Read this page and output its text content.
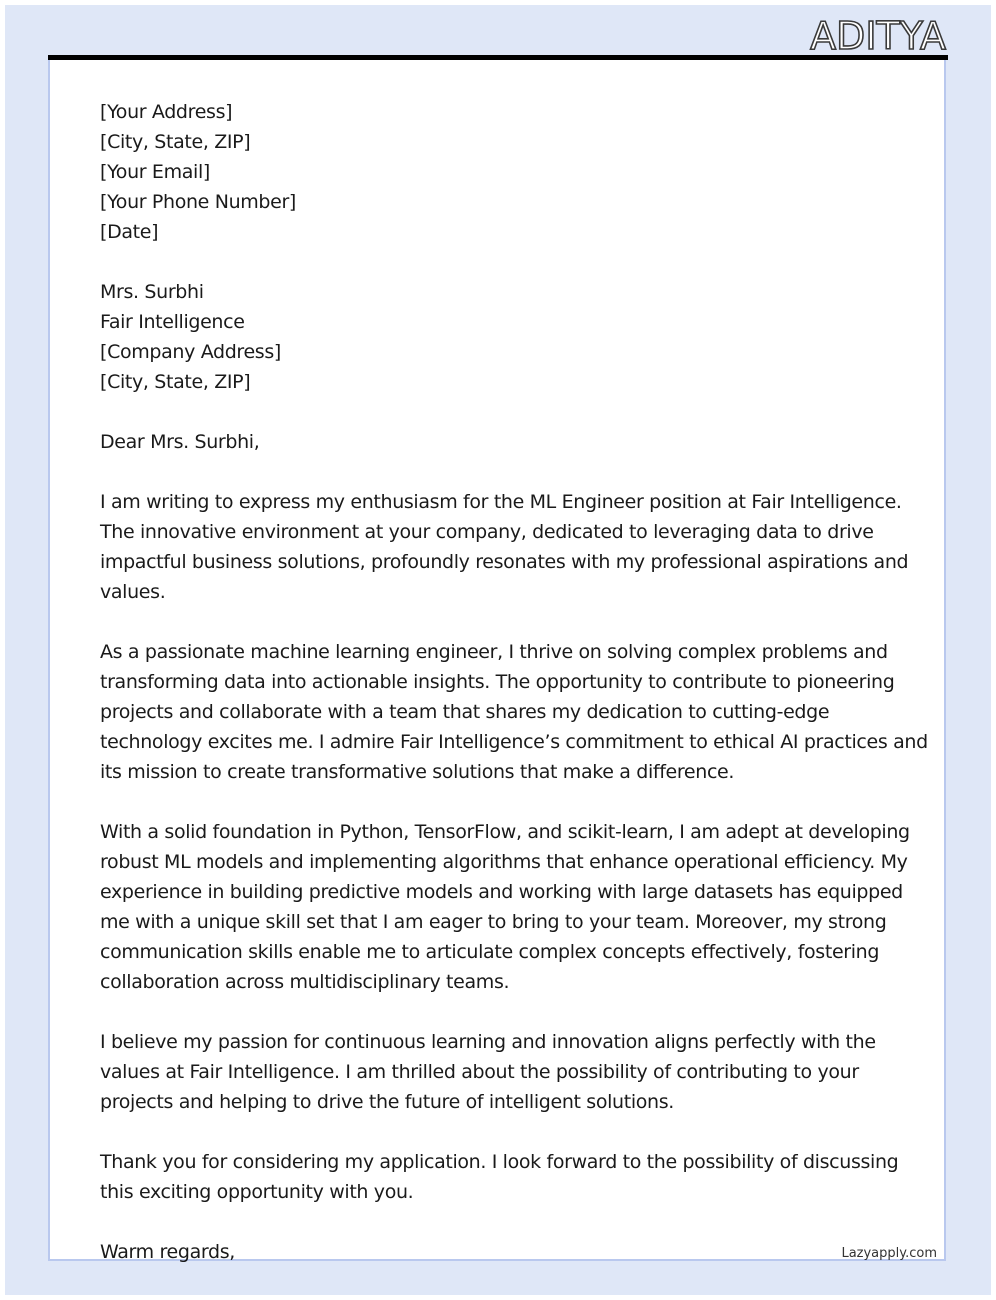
ADITYA
[Your Address]
[City, State, ZIP]
[Your Email]
[Your Phone Number]
[Date]
Mrs. Surbhi
Fair Intelligence
[Company Address]
[City, State, ZIP]
Dear Mrs. Surbhi,
I am writing to express my enthusiasm for the ML Engineer position at Fair Intelligence.
The innovative environment at your company, dedicated to leveraging data to drive
impactful business solutions, profoundly resonates with my professional aspirations and
values.
As a passionate machine learning engineer, I thrive on solving complex problems and
transforming data into actionable insights. The opportunity to contribute to pioneering
projects and collaborate with a team that shares my dedication to cutting-edge
technology excites me. I admire Fair Intelligence’s commitment to ethical AI practices and
its mission to create transformative solutions that make a difference.
With a solid foundation in Python, TensorFlow, and scikit-learn, I am adept at developing
robust ML models and implementing algorithms that enhance operational efficiency. My
experience in building predictive models and working with large datasets has equipped
me with a unique skill set that I am eager to bring to your team. Moreover, my strong
communication skills enable me to articulate complex concepts effectively, fostering
collaboration across multidisciplinary teams.
I believe my passion for continuous learning and innovation aligns perfectly with the
values at Fair Intelligence. I am thrilled about the possibility of contributing to your
projects and helping to drive the future of intelligent solutions.
Thank you for considering my application. I look forward to the possibility of discussing
this exciting opportunity with you.
Warm regards,	Lazyapply.com
